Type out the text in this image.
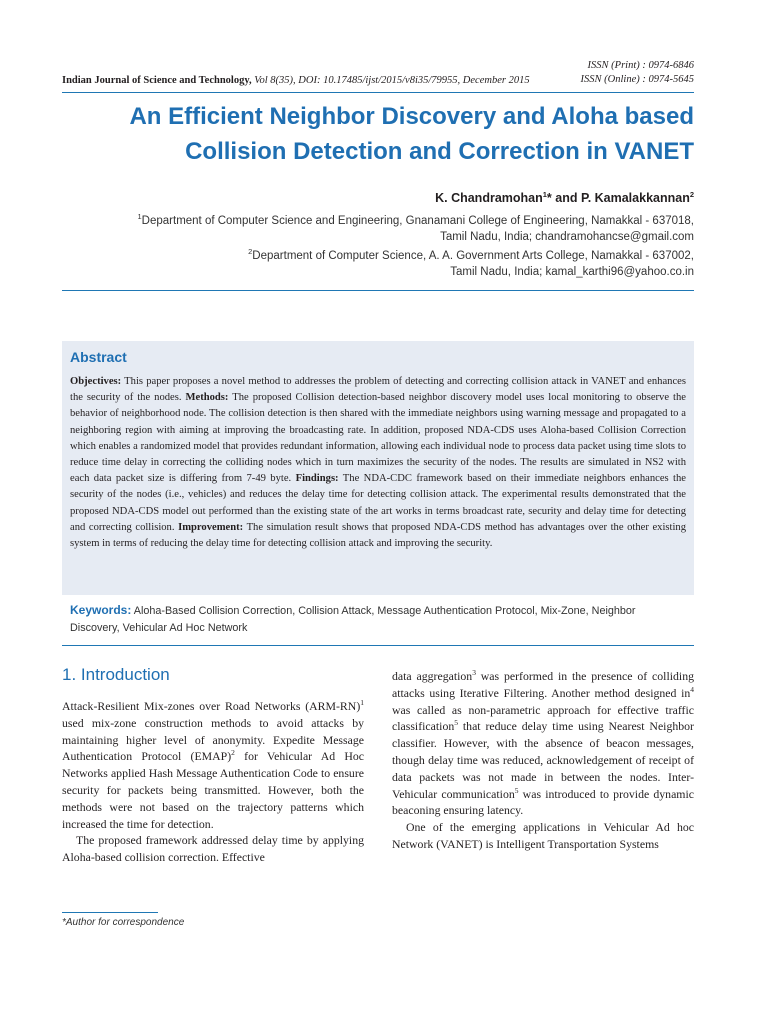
ISSN (Print) : 0974-6846
ISSN (Online) : 0974-5645
Indian Journal of Science and Technology, Vol 8(35), DOI: 10.17485/ijst/2015/v8i35/79955, December 2015
An Efficient Neighbor Discovery and Aloha based
Collision Detection and Correction in VANET
K. Chandramohan$^1$* and P. Kamalakkannan$^2$
$^1$Department of Computer Science and Engineering, Gnanamani College of Engineering, Namakkal - 637018,
Tamil Nadu, India; chandramohancse@gmail.com
$^2$Department of Computer Science, A. A. Government Arts College, Namakkal - 637002,
Tamil Nadu, India; kamal_karthi96@yahoo.co.in
Abstract

Objectives: This paper proposes a novel method to addresses the problem of detecting and correcting collision attack in VANET and enhances the security of the nodes. Methods: The proposed Collision detection-based neighbor discovery model uses local monitoring to observe the behavior of neighborhood node. The collision detection is then shared with the immediate neighbors using warning message and propagated to a neighboring region with aiming at improving the broadcasting rate. In addition, proposed NDA-CDS uses Aloha-based Collision Correction which enables a randomized model that provides redundant information, allowing each individual node to process data packet using time slots to reduce time delay in correcting the colliding nodes which in turn maximizes the security of the nodes. The results are simulated in NS2 with each data packet size is differing from 7-49 byte. Findings: The NDA-CDC framework based on their immediate neighbors enhances the security of the nodes (i.e., vehicles) and reduces the delay time for detecting collision attack. The experimental results demonstrated that the proposed NDA-CDS model out performed than the existing state of the art works in terms broadcast rate, security and delay time for detecting and correcting collision. Improvement: The simulation result shows that proposed NDA-CDS method has advantages over the other existing system in terms of reducing the delay time for detecting collision attack and improving the security.

Keywords: Aloha-Based Collision Correction, Collision Attack, Message Authentication Protocol, Mix-Zone, Neighbor Discovery, Vehicular Ad Hoc Network
1. Introduction

Attack-Resilient Mix-zones over Road Networks $(ARM-RN)^1$ used mix-zone construction methods to avoid attacks by maintaining higher level of anonymity. Expedite Message Authentication Protocol (EMAP)$^2$ for Vehicular Ad Hoc Networks applied Hash Message Authentication Code to ensure security for packets being transmitted. However, both the methods were not based on the trajectory patterns which increased the time for detection.

The proposed framework addressed delay time by applying Aloha-based collision correction. Effective

data aggregation$^3$ was performed in the presence of colliding attacks using Iterative Filtering. Another method designed $in^4$ was called as non-parametric approach for effective traffic classification$^5$ that reduce delay time using Nearest Neighbor classifier. However, with the absence of beacon messages, though delay time was reduced, acknowledgement of receipt of data packets was not made in between the nodes. Inter-Vehicular communication$^5$ was introduced to provide dynamic beaconing ensuring latency.

One of the emerging applications in Vehicular Ad hoc Network (VANET) is Intelligent Transportation Systems

*Author for correspondence
